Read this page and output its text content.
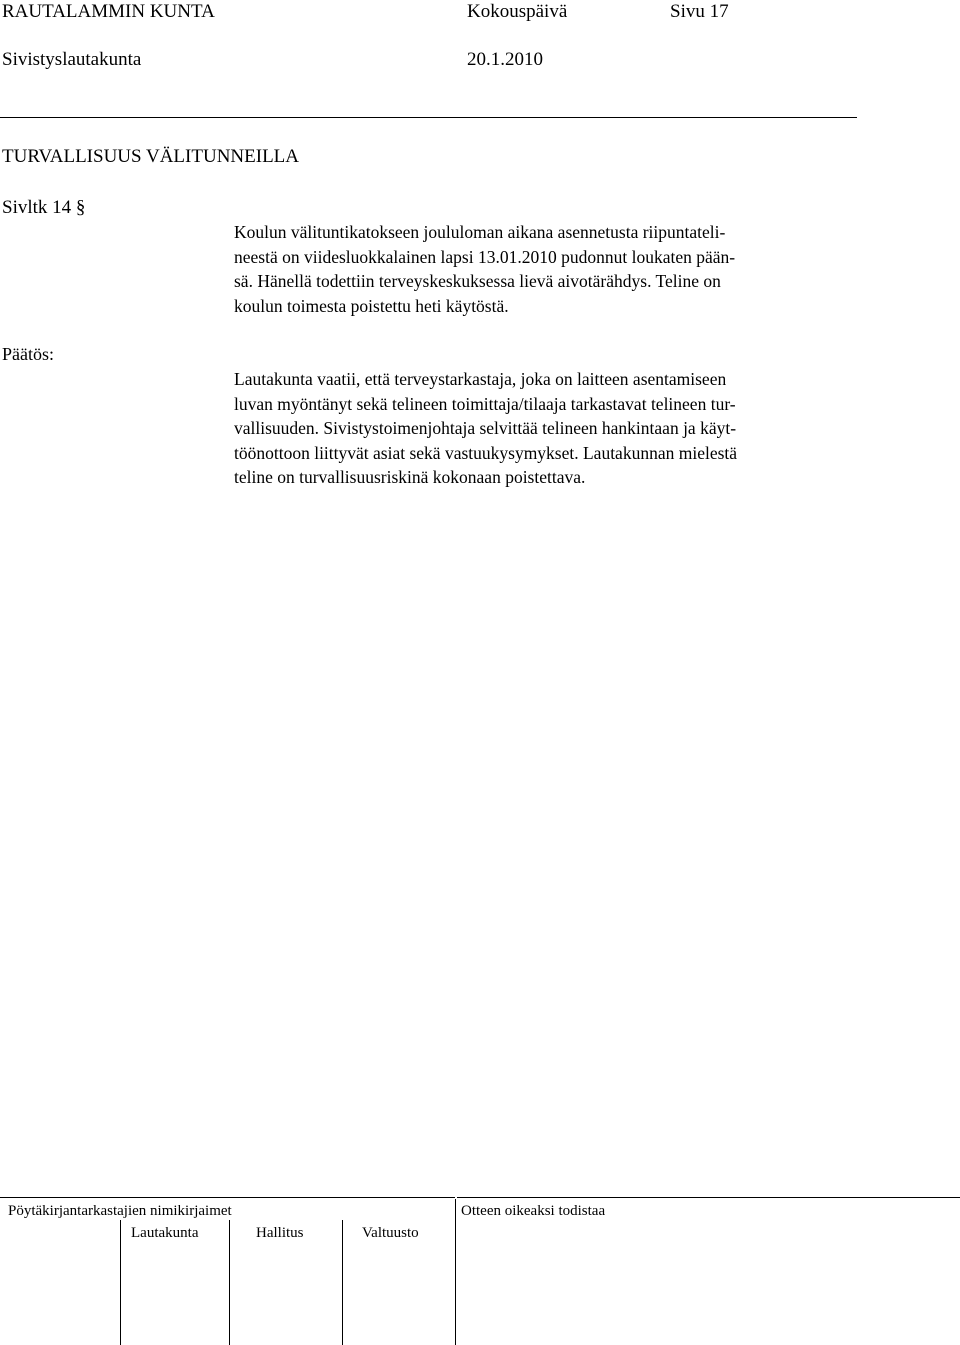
RAUTALAMMIN KUNTA	Kokouspäivä	Sivu 17
Sivistyslautakunta	20.1.2010
TURVALLISUUS VÄLITUNNEILLA
Sivltk 14 §
Koulun välituntikatokseen joululoman aikana asennetusta riipuntateli-
neestä on viidesluokkalainen lapsi 13.01.2010 pudonnut loukaten pään-
sä. Hänellä todettiin terveyskeskuksessa lievä aivotärähdys. Teline on
koulun toimesta poistettu heti käytöstä.
Päätös:
Lautakunta vaatii, että terveystarkastaja, joka on laitteen asentamiseen
luvan myöntänyt sekä telineen toimittaja/tilaaja tarkastavat telineen tur-
vallisuuden. Sivistystoimenjohtaja selvittää telineen hankintaan ja käyt-
töönottoon liittyvät asiat sekä vastuukysymykset. Lautakunnan mielestä
teline on turvallisuusriskinä kokonaan poistettava.
Pöytäkirjantarkastajien nimikirjaimet	Otteen oikeaksi todistaa
Lautakunta	Hallitus	Valtuusto
